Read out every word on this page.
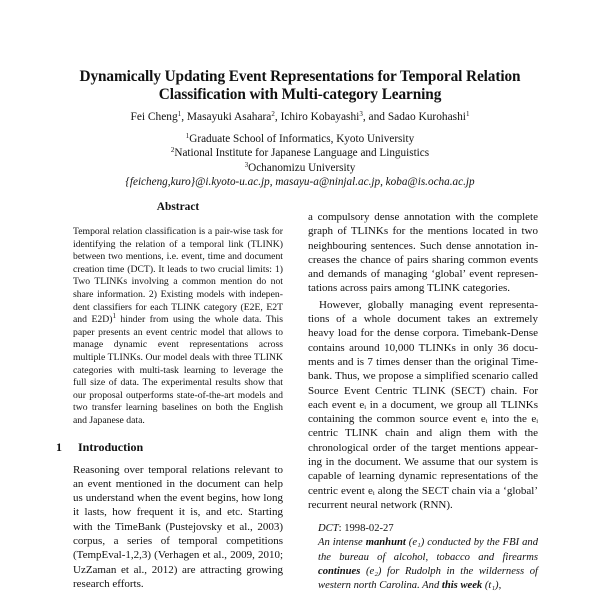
Dynamically Updating Event Representations for Temporal Relation
Classification with Multi-category Learning
Fei Cheng$^1$, Masayuki Asahara$^2$, Ichiro Kobayashi$^3$, and Sadao Kurohashi$^1$
$^1$Graduate School of Informatics, Kyoto University
$^2$National Institute for Japanese Language and Linguistics
$^3$Ochanomizu University
{feicheng,kuro}@i.kyoto-u.ac.jp, masayu-a@ninjal.ac.jp, koba@is.ocha.ac.jp
Abstract

Temporal relation classification is a pair-wise task for identifying the relation of a temporal link (TLINK) between two mentions, i.e. event, time and document creation time (DCT). It leads to two crucial limits: 1) Two TLINKs involving a common mention do not share information. 2) Existing models with independent classifiers for each TLINK category (E2E, E2T and E2D)$^1$ hinder from using the whole data. This paper presents an event centric model that allows to manage dynamic event representations across multiple TLINKs. Our model deals with three TLINK categories with multi-task learning to leverage the full size of data. The experimental results show that our proposal outperforms state-of-the-art models and two transfer learning baselines on both the English and Japanese data.

1 Introduction

Reasoning over temporal relations relevant to an event mentioned in the document can help us understand when the event begins, how long it lasts, how frequent it is, and etc. Starting with the TimeBank (Pustejovsky et al., 2003) corpus, a series of temporal competitions (TempEval-1,2,3) (Verhagen et al., 2009, 2010; UzZaman et al., 2012) are attracting growing research efforts.

a compulsory dense annotation with the complete graph of TLINKs for the mentions located in two neighbouring sentences. Such dense annotation increases the chance of pairs sharing common events and demands of managing ‘global’ event representations across pairs among TLINK categories.

However, globally managing event representations of a whole document takes an extremely heavy load for the dense corpora. Timebank-Dense contains around 10,000 TLINKs in only 36 documents and is 7 times denser than the original Timebank. Thus, we propose a simplified scenario called Source Event Centric TLINK (SECT) chain. For each event eᵢ in a document, we group all TLINKs containing the common source event eᵢ into the eᵢ centric TLINK chain and align them with the chronological order of the target mentions appearing in the document. We assume that our system is capable of learning dynamic representations of the centric event eᵢ along the SECT chain via a ‘global’ recurrent neural network (RNN).

DCT: 1998-02-27
An intense manhunt (e₁) conducted by the FBI and the bureau of alcohol, tobacco and firearms continues (e₂) for Rudolph in the wilderness of western north Carolina. And this week (t₁),
